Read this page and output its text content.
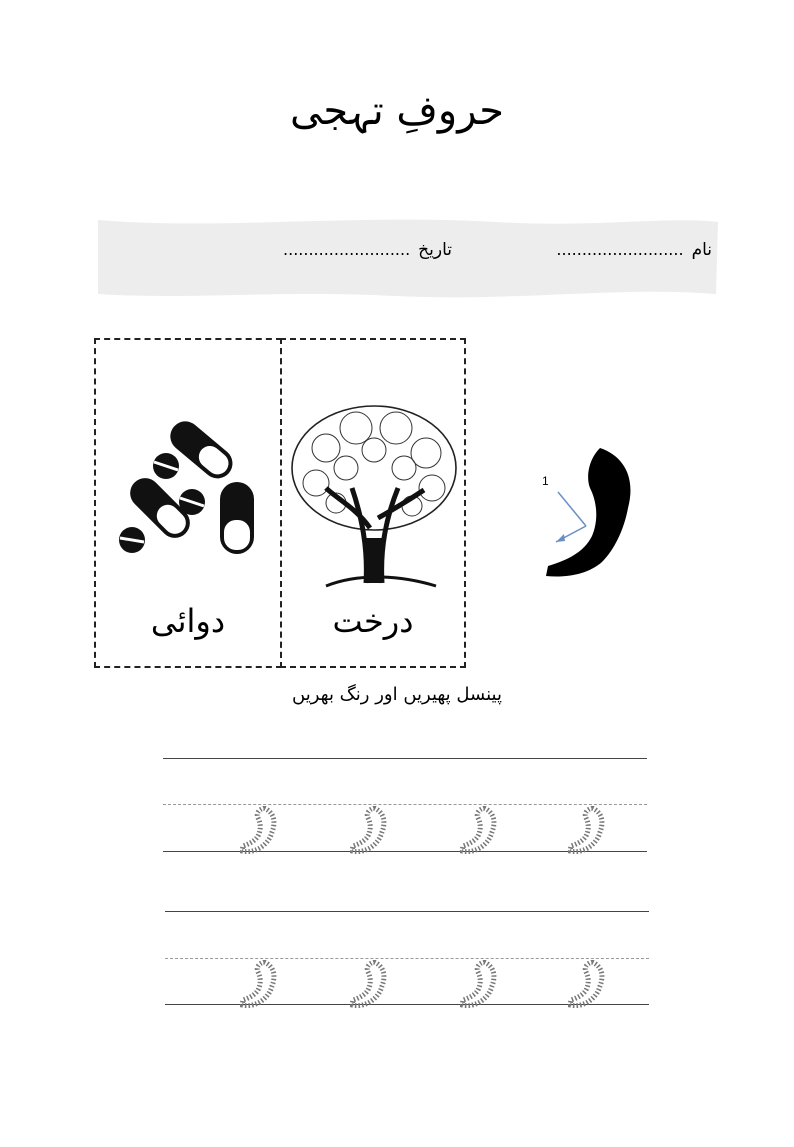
حروفِ تہجی
نام
.........................
تاریخ
.........................
دوائی	درخت
1
پینسل پھیریں اور رنگ بھریں
